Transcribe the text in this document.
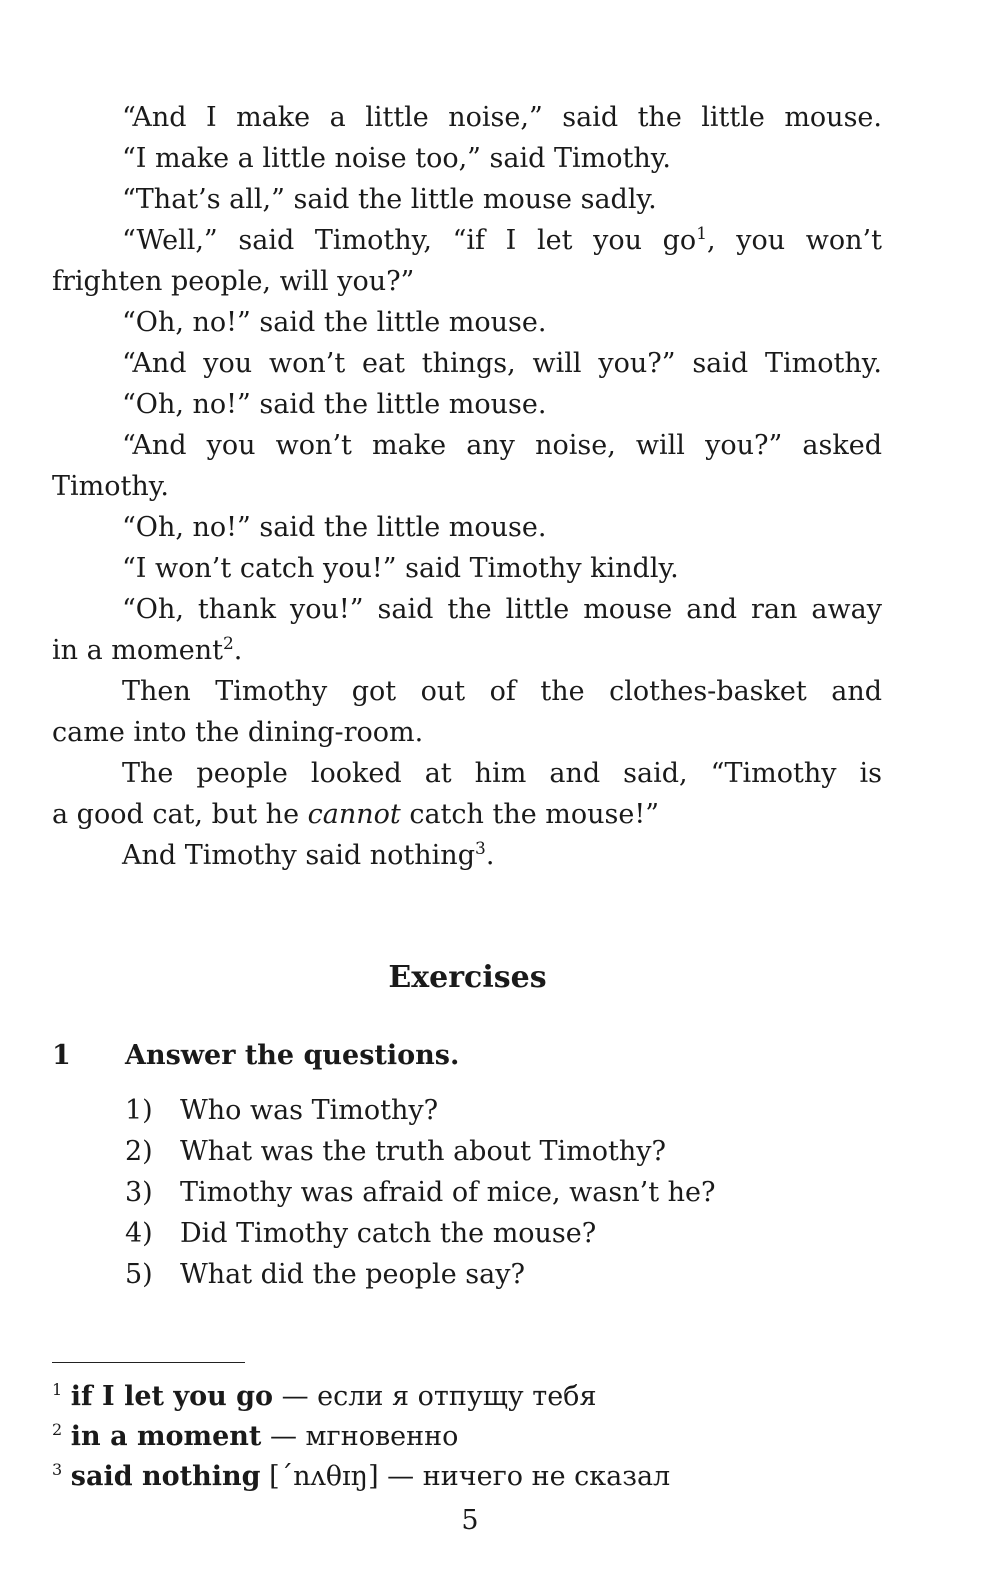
“And I make a little noise,” said the little mouse.
“I make a little noise too,” said Timothy.
“That’s all,” said the little mouse sadly.
“Well,” said Timothy, “if I let you $go^1$, you won’t
frighten people, will you?”
“Oh, no!” said the little mouse.
“And you won’t eat things, will you?” said Timothy.
“Oh, no!” said the little mouse.
“And you won’t make any noise, will you?” asked
Timothy.
“Oh, no!” said the little mouse.
“I won’t catch you!” said Timothy kindly.
“Oh, thank you!” said the little mouse and ran away
in a moment$^2$.
Then Timothy got out of the clothes-basket and
came into the dining-room.
The people looked at him and said, “Timothy is
a good cat, but he cannot catch the mouse!”
And Timothy said nothing$^3$.
Exercises
1 Answer the questions.
1) Who was Timothy?
2) What was the truth about Timothy?
3) Timothy was afraid of mice, wasn’t he?
4) Did Timothy catch the mouse?
5) What did the people say?
$^1$ if I let you go — если я отпущу тебя
$^2$ in a moment — мгновенно
$^3$ said nothing [ˊnʌθɪŋ] — ничего не сказал
5
